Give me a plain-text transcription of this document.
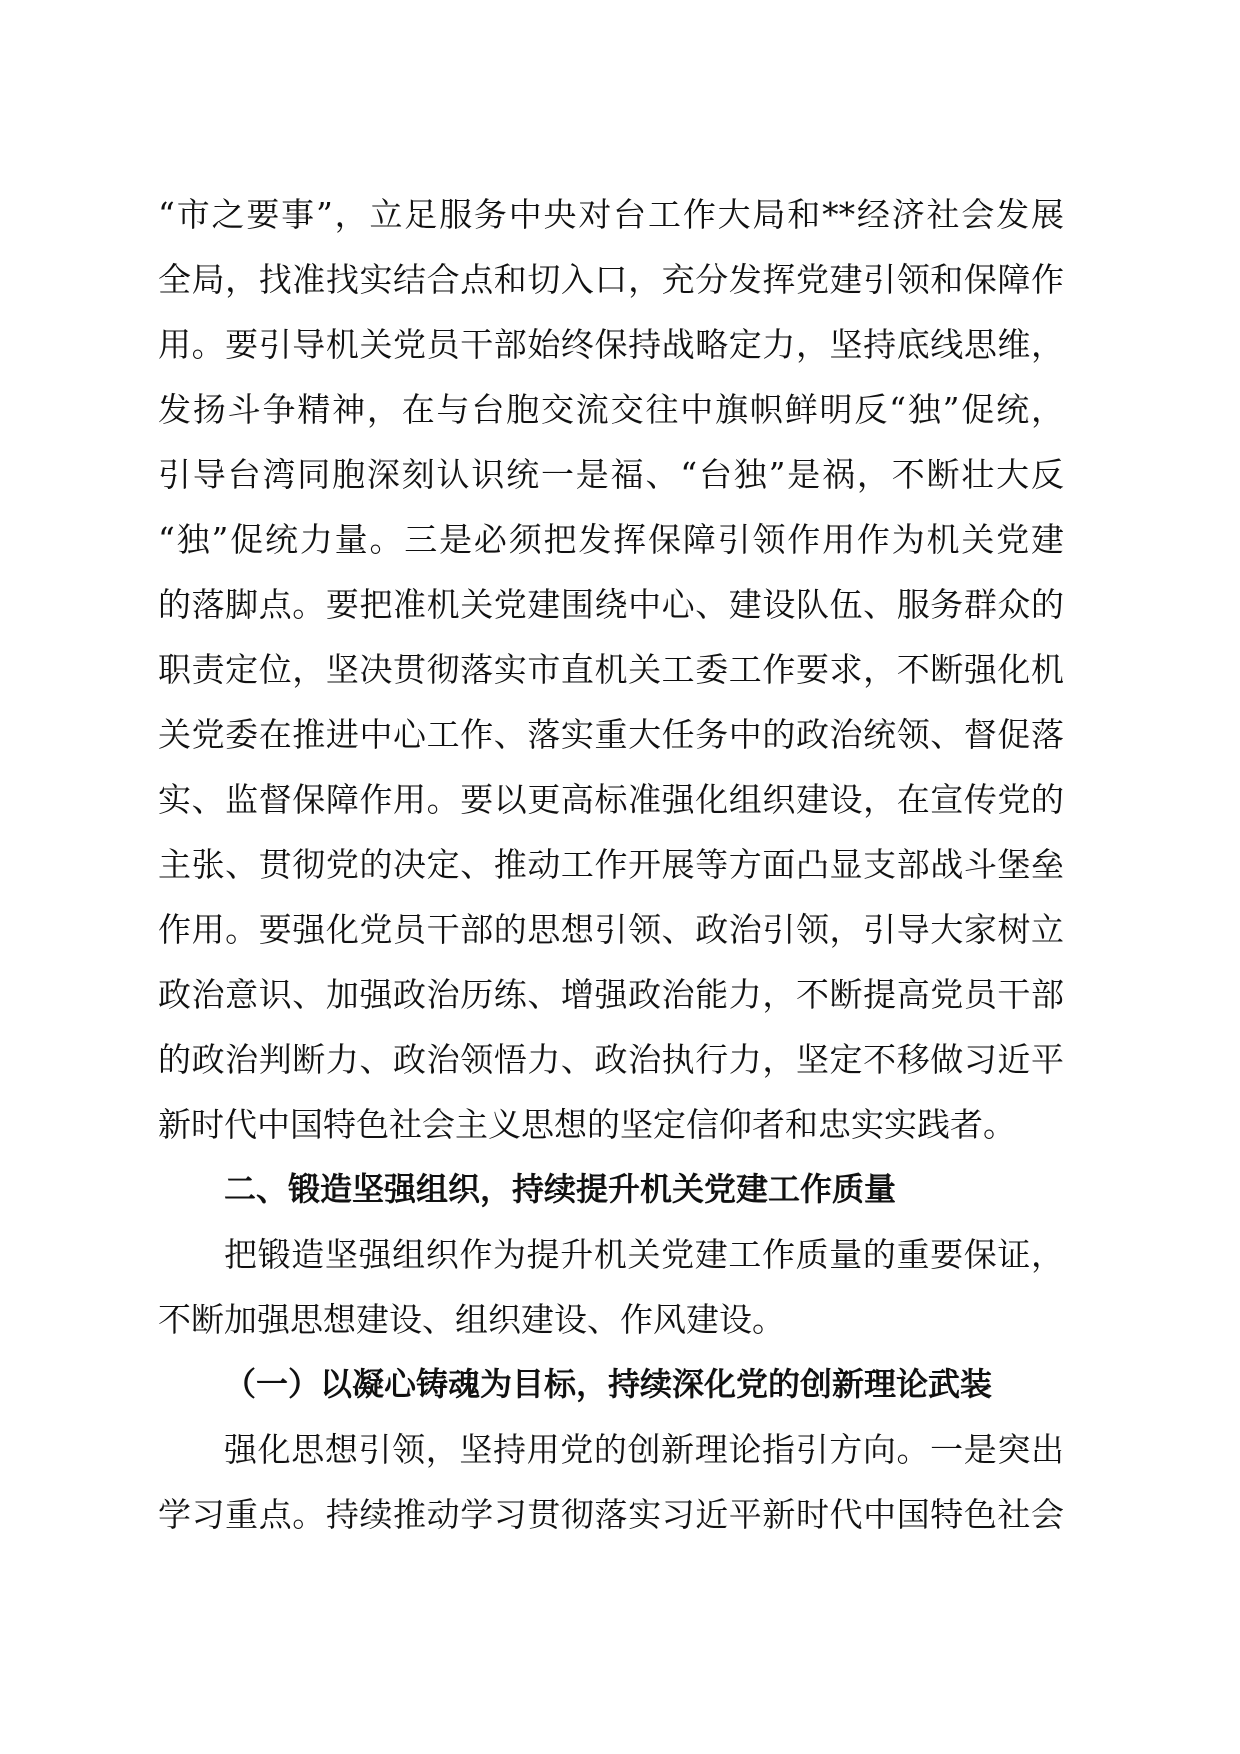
“市之要事”，立足服务中央对台工作大局和**经济社会发展
全局，找准找实结合点和切入口，充分发挥党建引领和保障作
用。要引导机关党员干部始终保持战略定力，坚持底线思维，
发扬斗争精神，在与台胞交流交往中旗帜鲜明反“独”促统，
引导台湾同胞深刻认识统一是福、“台独”是祸，不断壮大反
“独”促统力量。三是必须把发挥保障引领作用作为机关党建
的落脚点。要把准机关党建围绕中心、建设队伍、服务群众的
职责定位，坚决贯彻落实市直机关工委工作要求，不断强化机
关党委在推进中心工作、落实重大任务中的政治统领、督促落
实、监督保障作用。要以更高标准强化组织建设，在宣传党的
主张、贯彻党的决定、推动工作开展等方面凸显支部战斗堡垒
作用。要强化党员干部的思想引领、政治引领，引导大家树立
政治意识、加强政治历练、增强政治能力，不断提高党员干部
的政治判断力、政治领悟力、政治执行力，坚定不移做习近平
新时代中国特色社会主义思想的坚定信仰者和忠实实践者。
二、锻造坚强组织，持续提升机关党建工作质量
把锻造坚强组织作为提升机关党建工作质量的重要保证，
不断加强思想建设、组织建设、作风建设。
（一）以凝心铸魂为目标，持续深化党的创新理论武装
强化思想引领，坚持用党的创新理论指引方向。一是突出
学习重点。持续推动学习贯彻落实习近平新时代中国特色社会
